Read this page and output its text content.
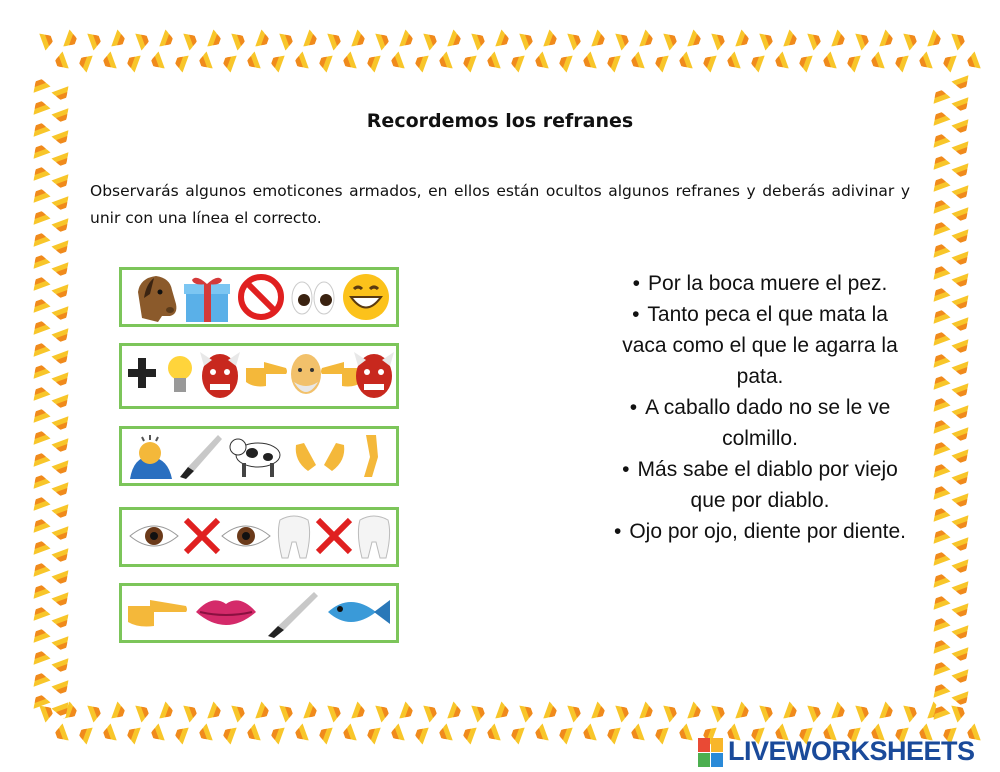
Recordemos los refranes
Observarás algunos emoticones armados, en ellos están ocultos algunos refranes y deberás adivinar y unir con una línea el correcto.

• Por la boca muere el pez.

• Tanto peca el que mata la vaca como el que le agarra la pata.

• A caballo dado no se le ve colmillo.

• Más sabe el diablo por viejo que por diablo.

• Ojo por ojo, diente por diente.

LIVEWORKSHEETS
